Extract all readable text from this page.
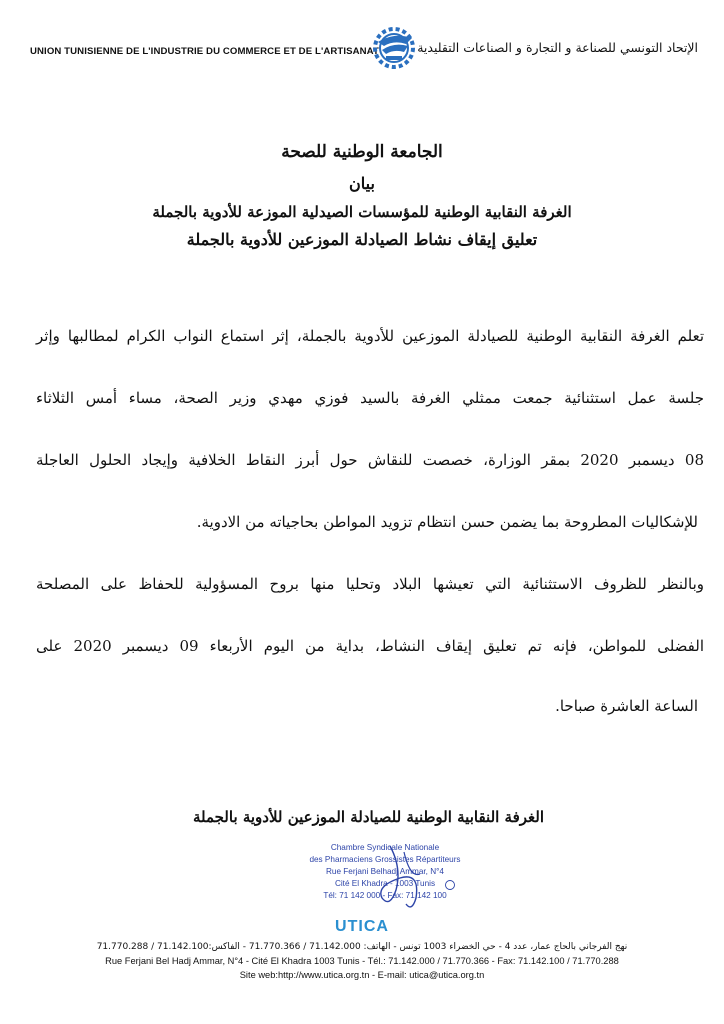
UNION TUNISIENNE DE L'INDUSTRIE DU COMMERCE ET DE L'ARTISANAT	الإتحاد التونسي للصناعة و التجارة و الصناعات التقليدية
الجامعة الوطنية للصحة
بيان
الغرفة النقابية الوطنية للمؤسسات الصيدلية الموزعة للأدوية بالجملة
تعليق إيقاف نشاط الصيادلة الموزعين للأدوية بالجملة
تعلم الغرفة النقابية الوطنية للصيادلة الموزعين للأدوية بالجملة، إثر استماع النواب الكرام لمطالبها وإثر
جلسة عمل استثنائية جمعت ممثلي الغرفة بالسيد فوزي مهدي وزير الصحة، مساء أمس الثلاثاء
08 ديسمبر 2020 بمقر الوزارة، خصصت للنقاش حول أبرز النقاط الخلافية وإيجاد الحلول العاجلة
للإشكاليات المطروحة بما يضمن حسن انتظام تزويد المواطن بحاجياته من الادوية.
وبالنظر للظروف الاستثنائية التي تعيشها البلاد وتحليا منها بروح المسؤولية للحفاظ على المصلحة
الفضلى للمواطن، فإنه تم تعليق إيقاف النشاط، بداية من اليوم الأربعاء 09 ديسمبر 2020 على
الساعة العاشرة صباحا.
الغرفة النقابية الوطنية للصيادلة الموزعين للأدوية بالجملة
Chambre Syndicale Nationale
des Pharmaciens Grossistes Répartiteurs
Rue Ferjani Belhadj Ammar, N°4
Cité El Khadra - 1003 Tunis
Tél: 71 142 000 - Fax: 71 142 100
UTICA
نهج الفرجاني بالحاج عمار، عدد 4 - حي الخضراء 1003 تونس - الهاتف: 71.142.000 / 71.770.366 - الفاكس:71.142.100 / 71.770.288
Rue Ferjani Bel Hadj Ammar, N°4 - Cité El Khadra 1003 Tunis - Tél.: 71.142.000 / 71.770.366 - Fax: 71.142.100 / 71.770.288
Site web:http://www.utica.org.tn - E-mail: utica@utica.org.tn
